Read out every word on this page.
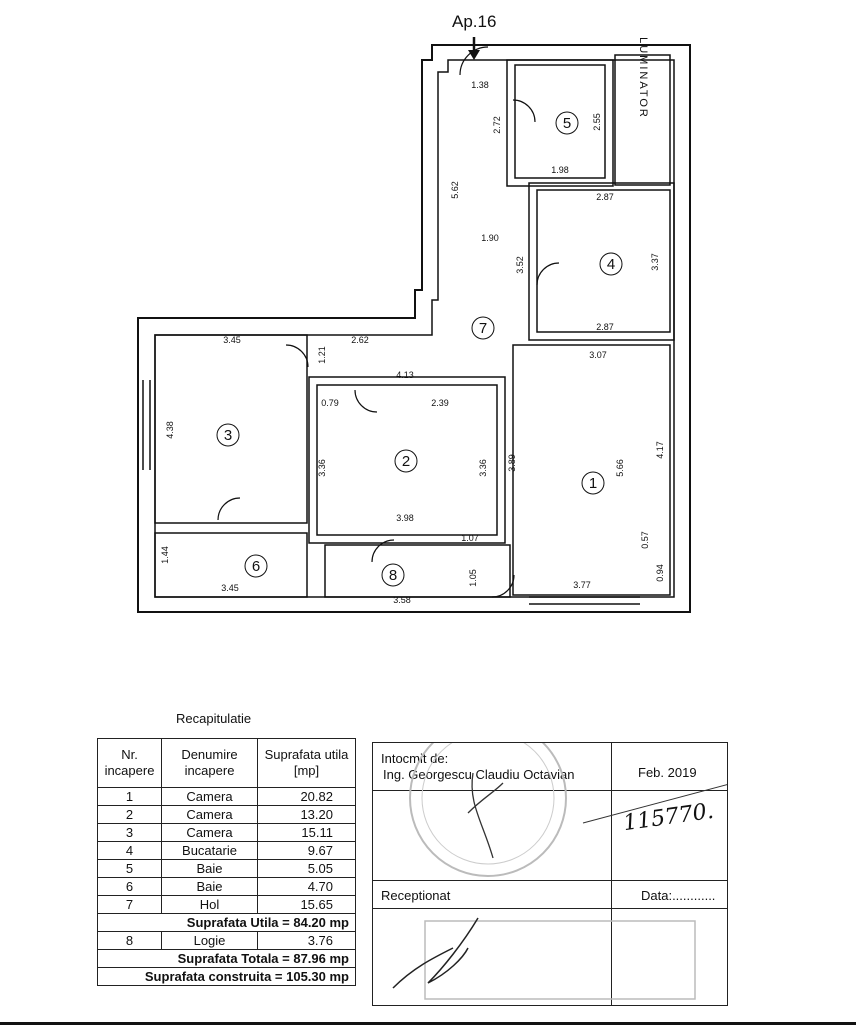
Ap.16
LUMINATOR
1.38
2.72	2.55
1.98
2.87
5.62
1.90
3.52	3.37
2.87
3.45	2.62
1.21
4.13
3.07
0.79	2.39
4.38
3.36	3.36 3.89	5.66
4.17
3.98
1.07	0.57
1.44
3.45
1.05	3.77
0.94
3.58
5
4
7
3
2
1
6
8
Recapitulatie
Nr. incapere	Denumire incapere	Suprafata utila [mp]
1	Camera	20.82
2	Camera	13.20
3	Camera	15.11
4	Bucatarie	9.67
5	Baie	5.05
6	Baie	4.70
7	Hol	15.65
Suprafata Utila = 84.20 mp		
8	Logie	3.76
Suprafata Totala = 87.96 mp		
Suprafata construita = 105.30 mp		
Intocmit de:
Ing. Georgescu Claudiu Octavian	Feb. 2019
115770.
Receptionat	Data:............
